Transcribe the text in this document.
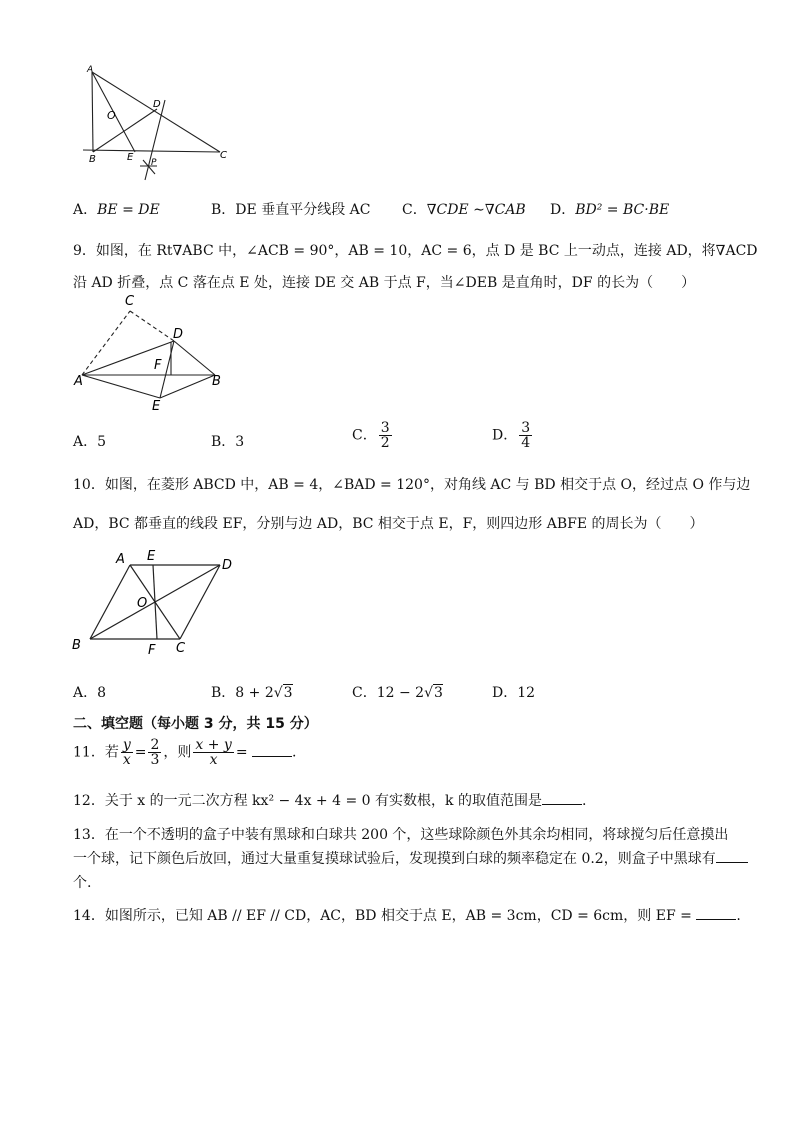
A
O
D
B	E P
C
A．BE = DE	B．DE 垂直平分线段 AC C．∇CDE ∼∇CAB D．BD² = BC·BE
9．如图，在 Rt∇ABC 中，∠ACB = 90°，AB = 10，AC = 6，点 D 是 BC 上一动点，连接 AD，将∇ACD
沿 AD 折叠，点 C 落在点 E 处，连接 DE 交 AB 于点 F，当∠DEB 是直角时，DF 的长为（　　）
C
D
F
A	B
E
A．5	B．3	C． $\frac{3}{2}$	D． $\frac{3}{4}$
10．如图，在菱形 ABCD 中，AB = 4，∠BAD = 120°，对角线 AC 与 BD 相交于点 O，经过点 O 作与边
AD，BC 都垂直的线段 EF，分别与边 AD，BC 相交于点 E，F，则四边形 ABFE 的周长为（　　）
A E
D
O
B	F C
A．8	B．8 + 2√3	C．12 − 2√3	D．12
二、填空题（每小题 3 分，共 15 分）
11．若 $\frac{y}{x} = \frac{2}{3}$ ，则 $\frac{x + y}{x}$ =	.
12．关于 x 的一元二次方程 kx² − 4x + 4 = 0 有实数根，k 的取值范围是	.
13．在一个不透明的盒子中装有黑球和白球共 200 个，这些球除颜色外其余均相同，将球搅匀后任意摸出
一个球，记下颜色后放回，通过大量重复摸球试验后，发现摸到白球的频率稳定在 0.2，则盒子中黑球有
个.
14．如图所示，已知 AB // EF // CD，AC，BD 相交于点 E，AB = 3cm，CD = 6cm，则 EF =	.
